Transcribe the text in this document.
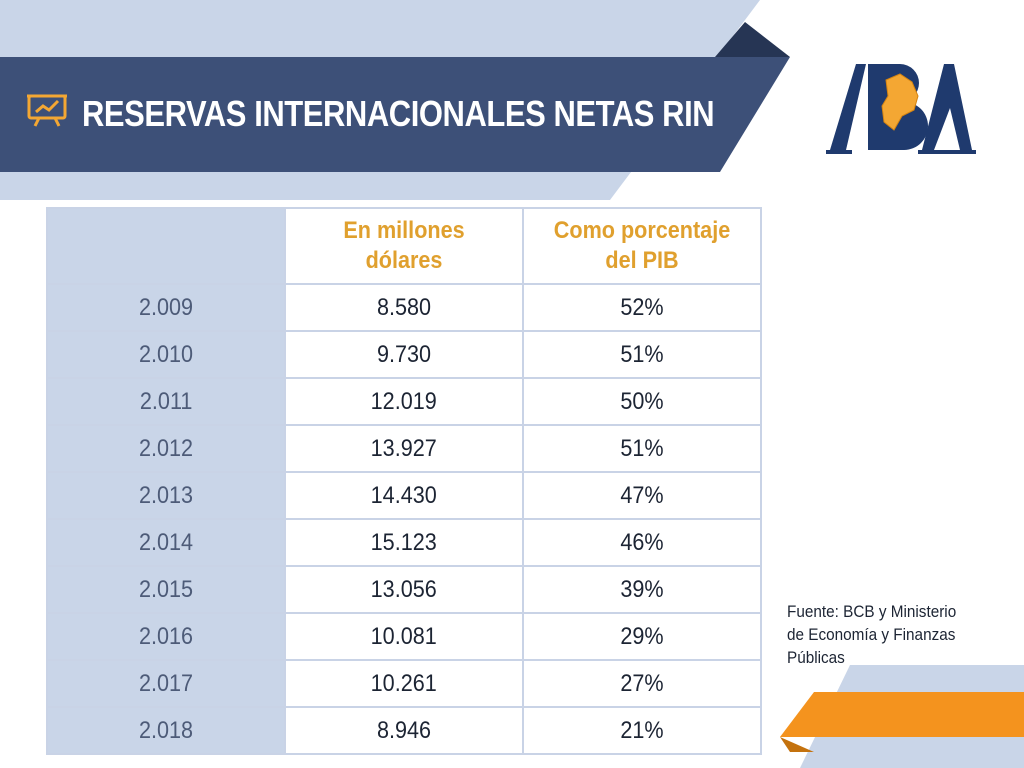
RESERVAS INTERNACIONALES NETAS RIN
	En millones dólares	Como porcentaje del PIB
2.009	8.580	52%
2.010	9.730	51%
2.011	12.019	50%
2.012	13.927	51%
2.013	14.430	47%
2.014	15.123	46%
2.015	13.056	39%
2.016	10.081	29%
2.017	10.261	27%
2.018	8.946	21%
Fuente: BCB y Ministerio
de Economía y Finanzas
Públicas
